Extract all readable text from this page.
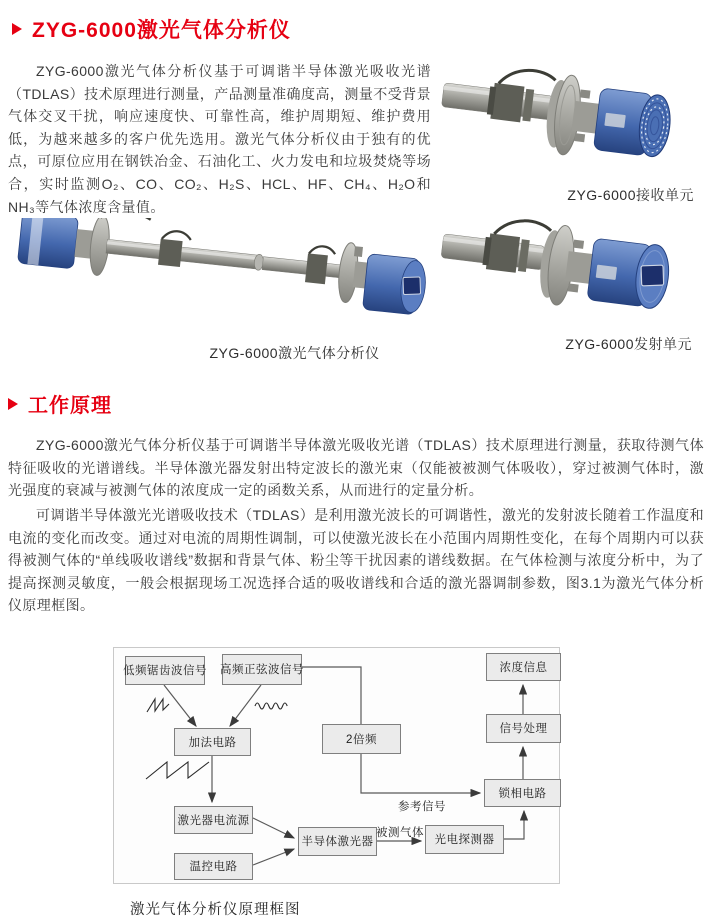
ZYG-6000激光气体分析仪

ZYG-6000激光气体分析仪基于可调谐半导体激光吸收光谱（TDLAS）技术原理进行测量，产品测量准确度高，测量不受背景气体交叉干扰，响应速度快、可靠性高，维护周期短、维护费用低，为越来越多的客户优先选用。激光气体分析仪由于独有的优点，可原位应用在钢铁冶金、石油化工、火力发电和垃圾焚烧等场合，实时监测O₂、CO、CO₂、H₂S、HCL、HF、CH₄、H₂O和NH₃等气体浓度含量值。

ZYG-6000激光气体分析仪
ZYG-6000接收单元
ZYG-6000发射单元
工作原理

ZYG-6000激光气体分析仪基于可调谐半导体激光吸收光谱（TDLAS）技术原理进行测量，获取待测气体特征吸收的光谱谱线。半导体激光器发射出特定波长的激光束（仅能被被测气体吸收），穿过被测气体时，激光强度的衰减与被测气体的浓度成一定的函数关系，从而进行的定量分析。

可调谐半导体激光光谱吸收技术（TDLAS）是利用激光波长的可调谐性，激光的发射波长随着工作温度和电流的变化而改变。通过对电流的周期性调制，可以使激光波长在小范围内周期性变化，在每个周期内可以获得被测气体的“单线吸收谱线”数据和背景气体、粉尘等干扰因素的谱线数据。在气体检测与浓度分析中，为了提高探测灵敏度，一般会根据现场工况选择合适的吸收谱线和合适的激光器调制参数，图3.1为激光气体分析仪原理框图。

低频锯齿波信号 高频正弦波信号	浓度信息
加法电路	2倍频
信号处理
锁相电路
激光器电流源
半导体激光器
温控电路
光电探测器
参考信号
被测气体
激光气体分析仪原理框图
